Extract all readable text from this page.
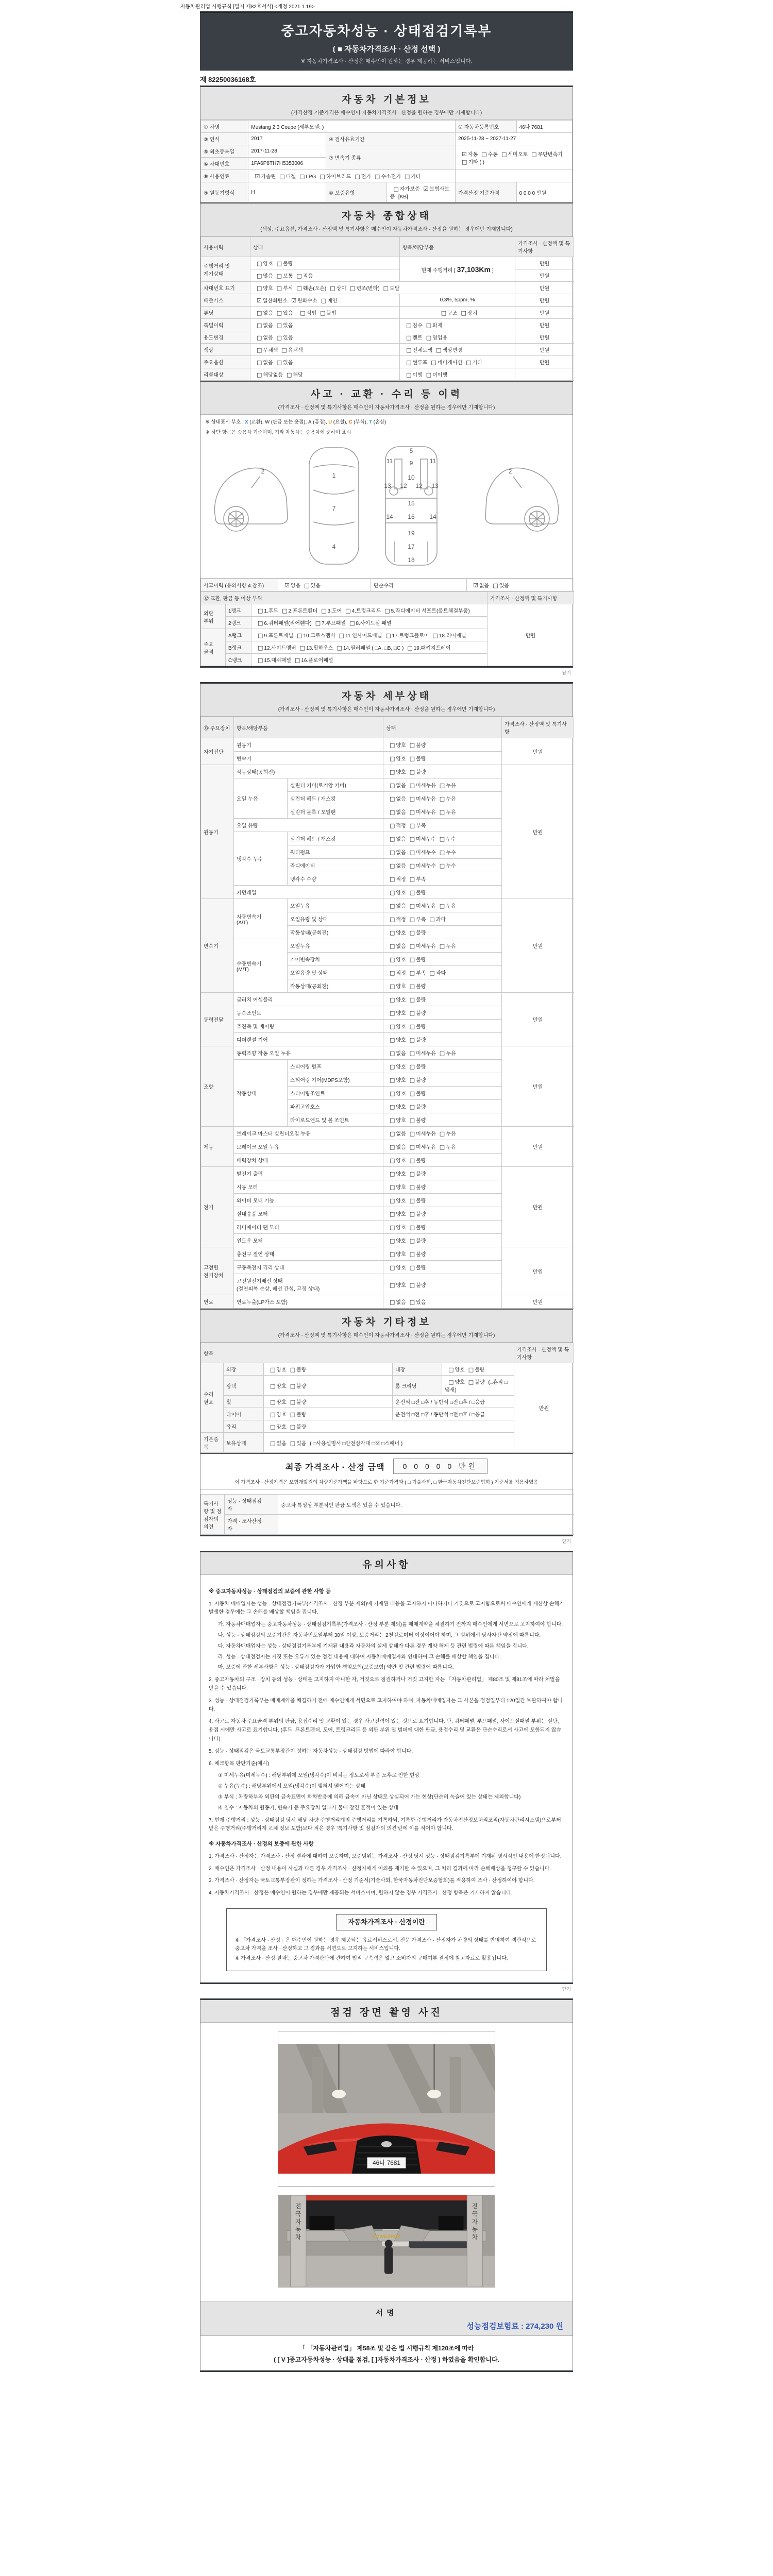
자동차관리법 시행규칙 [별지 제82호서식] <개정 2021.1.19>
중고자동차성능 · 상태점검기록부
( ■ 자동차가격조사 · 산정 선택 )
※ 자동차가격조사 · 산정은 매수인이 원하는 경우 제공하는 서비스입니다.
제 82250036168호
자동차 기본정보
(가격산정 기준가격은 매수인이 자동차가격조사 · 산정을 원하는 경우에만 기재합니다)
① 차명	Mustang 2.3 Coupe (세부모델: )			② 자동차등록번호	46나 7681
③ 연식	2017	④ 검사유효기간		2025-11-28 ~ 2027-11-27	
⑤ 최초등록일	2017-11-28	⑦ 변속기 종류		☑ 자동 □ 수동 □ 세미오토 □ 무단변속기□ 기타 ( )	
⑥ 차대번호	1FA6P8TH7H5353006				
⑧ 사용연료	☑ 가솔린 □ 디젤 □ LPG □ 하이브리드 □ 전기 □ 수소전기 □ 기타				
⑨ 원동기형식	H	⑩ 보증유형	□ 자가보증 ☑ 보험사보증 [KB]	가격산정 기준가격	0 0 0 0 만원
자동차 종합상태
(색상, 주요옵션, 가격조사 · 산정액 및 특기사항은 매수인이 자동차가격조사 · 산정을 원하는 경우에만 기재합니다)
사용이력	상태	항목/해당부품	가격조사 · 산정액 및 특기사항
주행거리 및
계기상태	□ 양호 □ 불량	현재 주행거리 [ 37,103Km ]	만원
	□ 많음 □ 보통 □ 적음		만원
차대번호 표기	□ 양호 □ 부식 □ 훼손(오손) □ 상이 □ 변조(변타) □ 도말		만원
배출가스	☑ 일산화탄소 ☑ 탄화수소 □ 매연	0.3%, 5ppm, %	만원
튜닝	□ 없음 □ 있음 □ 적법 □ 불법	□ 구조 □ 장치	만원
특별이력	□ 없음 □ 있음	□ 침수 □ 화재	만원
용도변경	□ 없음 □ 있음	□ 렌트 □ 영업용	만원
색상	□ 무채색 □ 유채색	□ 전체도색 □ 색상변경	만원
주요옵션	□ 없음 □ 있음	□ 썬루프 □ 네비게이션 □ 기타	만원
리콜대상	□ 해당없음 □ 해당	□ 이행 □ 미이행	
사고 · 교환 · 수리 등 이력
(가격조사 · 산정액 및 특기사항은 매수인이 자동차가격조사 · 산정을 원하는 경우에만 기재합니다)
※ 상태표시 부호 : X (교환), W (판금 또는 용접), A (흠집), U (요철), C (부식), T (손상)
※ 하단 항목은 승용차 기준이며, 기타 자동차는 승용차에 준하여 표시
2
1
7
4
5
9
11	11
13	13
12 12
10
15
16
14	14
19
17
18
2
사고이력 (유의사항 4.참조)	☑ 없음 □ 있음	단순수리	☑ 없음 □ 있음
⑫ 교환, 판금 등 이상 부위			가격조사 · 산정액 및 특기사항
외판
부위	1랭크	□ 1.후드 □ 2.프론트휀더 □ 3.도어 □ 4.트렁크리드 □ 5.라디에이터 서포트(볼트체결부품)	만원
	2랭크	□ 6.쿼터패널(리어휀다) □ 7.루브패널 □ 8.사이드실 패널	
주요
골격	A랭크	□ 9.프론트패널 □ 10.크로스멤버 □ 11.인사이드패널 □ 17.트렁크플로어 □ 18.리어패널	
	B랭크	□ 12.사이드멤버 □ 13.휠하우스 □ 14.필러패널 ( □A, □B, □C ) □ 19.패키지트레이	
	C랭크	□ 15.대쉬패널 □ 16.플로어패널	
닫기
자동차 세부상태
(가격조사 · 산정액 및 특기사항은 매수인이 자동차가격조사 · 산정을 원하는 경우에만 기재합니다)
⑬ 주요장치	항목/해당부품		상태	가격조사 · 산정액 및 특기사항
자기진단	원동기		□ 양호 □ 불량	만원
	변속기		□ 양호 □ 불량	
원동기	작동상태(공회전)		□ 양호 □ 불량	만원
	오일 누유	실린더 커버(로커암 커버)	□ 없음 □ 미세누유 □ 누유	
		실린더 헤드 / 개스킷	□ 없음 □ 미세누유 □ 누유	
		실린더 블록 / 오일팬	□ 없음 □ 미세누유 □ 누유	
	오일 유량		□ 적정 □ 부족	
	냉각수 누수	실린더 헤드 / 개스킷	□ 없음 □ 미세누수 □ 누수	
		워터펌프	□ 없음 □ 미세누수 □ 누수	
		라디에이터	□ 없음 □ 미세누수 □ 누수	
		냉각수 수량	□ 적정 □ 부족	
	커먼레일		□ 양호 □ 불량	
변속기	자동변속기
(A/T)	오일누유	□ 없음 □ 미세누유 □ 누유	만원
		오일유량 및 상태	□ 적정 □ 부족 □ 과다	
		작동상태(공회전)	□ 양호 □ 불량	
	수동변속기
(M/T)	오일누유	□ 없음 □ 미세누유 □ 누유	
		기어변속장치	□ 양호 □ 불량	
		오일유량 및 상태	□ 적정 □ 부족 □ 과다	
		작동상태(공회전)	□ 양호 □ 불량	
동력전달	클러치 어셈블리		□ 양호 □ 불량	만원
	등속조인트		□ 양호 □ 불량	
	추진축 및 베어링		□ 양호 □ 불량	
	디퍼렌셜 기어		□ 양호 □ 불량	
조향	동력조향 작동 오일 누유		□ 없음 □ 미세누유 □ 누유	만원
	작동상태	스티어링 펌프	□ 양호 □ 불량	
		스티어링 기어(MDPS포함)	□ 양호 □ 불량	
		스티어링조인트	□ 양호 □ 불량	
		파워고압호스	□ 양호 □ 불량	
		타이로드엔드 및 볼 조인트	□ 양호 □ 불량	
제동	브레이크 마스터 실린더오일 누유		□ 없음 □ 미세누유 □ 누유	만원
	브레이크 오일 누유		□ 없음 □ 미세누유 □ 누유	
	배력장치 상태		□ 양호 □ 불량	
전기	발전기 출력		□ 양호 □ 불량	만원
	시동 모터		□ 양호 □ 불량	
	와이퍼 모터 기능		□ 양호 □ 불량	
	실내송풍 모터		□ 양호 □ 불량	
	라디에이터 팬 모터		□ 양호 □ 불량	
	윈도우 모터		□ 양호 □ 불량	
고전원
전기장치	충전구 절연 상태		□ 양호 □ 불량	만원
	구동축전지 격리 상태		□ 양호 □ 불량	
	고전원전기배선 상태
(절연피복 손상, 배선 간섭, 고정 상태)		□ 양호 □ 불량	
연료	연료누출(LP가스 포함)		□ 없음 □ 있음	만원
자동차 기타정보
(가격조사 · 산정액 및 특기사항은 매수인이 자동차가격조사 · 산정을 원하는 경우에만 기재합니다)
항목					가격조사 · 산정액 및 특기사항
수리
필요	외장	□ 양호 □ 불량	내장	□ 양호 □ 불량	만원
	광택	□ 양호 □ 불량	룸 크리닝	□ 양호 □ 불량 (□흔적 □냄새)	
	휠	□ 양호 □ 불량	운전석 □전 □후 / 동반석 □전 □후 / □응급		
	타이어	□ 양호 □ 불량	운전석 □전 □후 / 동반석 □전 □후 / □응급		
	유리	□ 양호 □ 불량			
기본품목	보유상태	□ 없음 □ 있음 ( □사용설명서 □안전삼각대 □잭 □스패너 )			
최종 가격조사 · 산정 금액	0 0 0 0 0 만원
이 가격조사 · 산정가격은 보험개발원의 차량기준가액을 바탕으로 한 기준가격과 ( □ 기술사회, □ 한국자동차진단보증협회 ) 기준서를 적용하였음
특기사항 및 점검자의 의견	성능 · 상태점검
자	중고차 특성상 부분적인 판금 도색은 있을 수 있습니다.
	가격 · 조사산정
자	
닫기
유의사항
※ 중고자동차성능 · 상태점검의 보증에 관한 사항 등
1. 자동차 매매업자는 성능 · 상태점검기록부(가격조사 · 산정 부분 제외)에 기재된 내용을 고지하지 아니하거나 거짓으로 고지함으로써 매수인에게 재산상 손해가 발생한 경우에는 그 손해를 배상할 책임을 집니다.
가. 자동차매매업자는 중고자동차성능 · 상태점검기록부(가격조사 · 산정 부분 제외)를 매매계약을 체결하기 전까지 매수인에게 서면으로 고지하여야 합니다.
나. 성능 · 상태점검의 보증기간은 자동차인도일부터 30일 이상, 보증거리는 2천킬로미터 이상이어야 하며, 그 범위에서 당사자간 약정에 따릅니다.
다. 자동차매매업자는 성능 · 상태점검기록부에 기재된 내용과 자동차의 실제 상태가 다른 경우 계약 해제 등 관련 법령에 따른 책임을 집니다.
라. 성능 · 상태점검자는 거짓 또는 오류가 있는 점검 내용에 대하여 자동차매매업자와 연대하여 그 손해를 배상할 책임을 집니다.
마. 보증에 관한 세부사항은 성능 · 상태점검자가 가입한 책임보험(보증보험) 약관 및 관련 법령에 따릅니다.
2. 중고자동차의 구조 · 장치 등의 성능 · 상태를 고지하지 아니한 자, 거짓으로 점검하거나 거짓 고지한 자는 「자동차관리법」 제80조 및 제81조에 따라 처벌을 받을 수 있습니다.
3. 성능 · 상태점검기록부는 매매계약을 체결하기 전에 매수인에게 서면으로 고지하여야 하며, 자동차매매업자는 그 사본을 점검일부터 120일간 보관하여야 합니다.
4. 사고로 자동차 주요골격 부위의 판금, 용접수리 및 교환이 있는 경우 사고전력이 있는 것으로 표기합니다. 단, 쿼터패널, 루프패널, 사이드실패널 부위는 절단, 용접 시에만 사고로 표기합니다. (후드, 프론트펜더, 도어, 트렁크리드 등 외판 부위 및 범퍼에 대한 판금, 용접수리 및 교환은 단순수리로서 사고에 포함되지 않습니다)
5. 성능 · 상태점검은 국토교통부장관이 정하는 자동차성능 · 상태점검 방법에 따라야 합니다.
6. 체크항목 판단기준(예시)
① 미세누유(미세누수) : 해당부위에 오일(냉각수)이 비치는 정도로서 부품 노후로 인한 현상
② 누유(누수) : 해당부위에서 오일(냉각수)이 맺혀서 떨어지는 상태
③ 부식 : 차량하부와 외판의 금속표면이 화학반응에 의해 금속이 아닌 상태로 상실되어 가는 현상(단순히 녹슬어 있는 상태는 제외합니다)
④ 침수 : 자동차의 원동기, 변속기 등 주요장치 일부가 물에 잠긴 흔적이 있는 상태
7. 현재 주행거리 : 성능 · 상태점검 당시 해당 차량 주행거리계의 주행거리를 기록하되, 기록한 주행거리가 자동차전산정보처리조직(자동차관리시스템)으로부터 받은 주행거리(주행거리계 교체 정보 포함)보다 적은 경우 '특기사항 및 점검자의 의견'란에 이를 적어야 합니다.
※ 자동차가격조사 · 산정의 보증에 관한 사항
1. 가격조사 · 산정자는 가격조사 · 산정 결과에 대하여 보증하며, 보증범위는 가격조사 · 산정 당시 성능 · 상태점검기록부에 기재된 명시적인 내용에 한정됩니다.
2. 매수인은 가격조사 · 산정 내용이 사실과 다른 경우 가격조사 · 산정자에게 이의를 제기할 수 있으며, 그 처리 결과에 따라 손해배상을 청구할 수 있습니다.
3. 가격조사 · 산정자는 국토교통부장관이 정하는 가격조사 · 산정 기준서(기술사회, 한국자동차진단보증협회)를 적용하여 조사 · 산정하여야 합니다.
4. 자동차가격조사 · 산정은 매수인이 원하는 경우에만 제공되는 서비스이며, 원하지 않는 경우 가격조사 · 산정 항목은 기재하지 않습니다.
자동차가격조사 · 산정이란
※ 「가격조사 · 산정」은 매수인이 원하는 경우 제공되는 유료서비스로서, 전문 가격조사 · 산정자가 차량의 상태를 반영하여 객관적으로 중고차 가격을 조사 · 산정하고 그 결과를 서면으로 고지하는 서비스입니다.
※ 가격조사 · 산정 결과는 중고차 가격판단에 관하여 법적 구속력은 없고 소비자의 구매여부 결정에 참고자료로 활용됩니다.
닫기
점검 장면 촬영 사진
46나 7681
POWERREX
전 국 자 동 차
전 국 자 동 차
서명
성능점검보험료 : 274,230 원
「 「자동차관리법」 제58조 및 같은 법 시행규칙 제120조에 따라
( [ V ]중고자동차성능 · 상태를 점검, [ ]자동차가격조사 · 산정 ) 하였음을 확인합니다.
